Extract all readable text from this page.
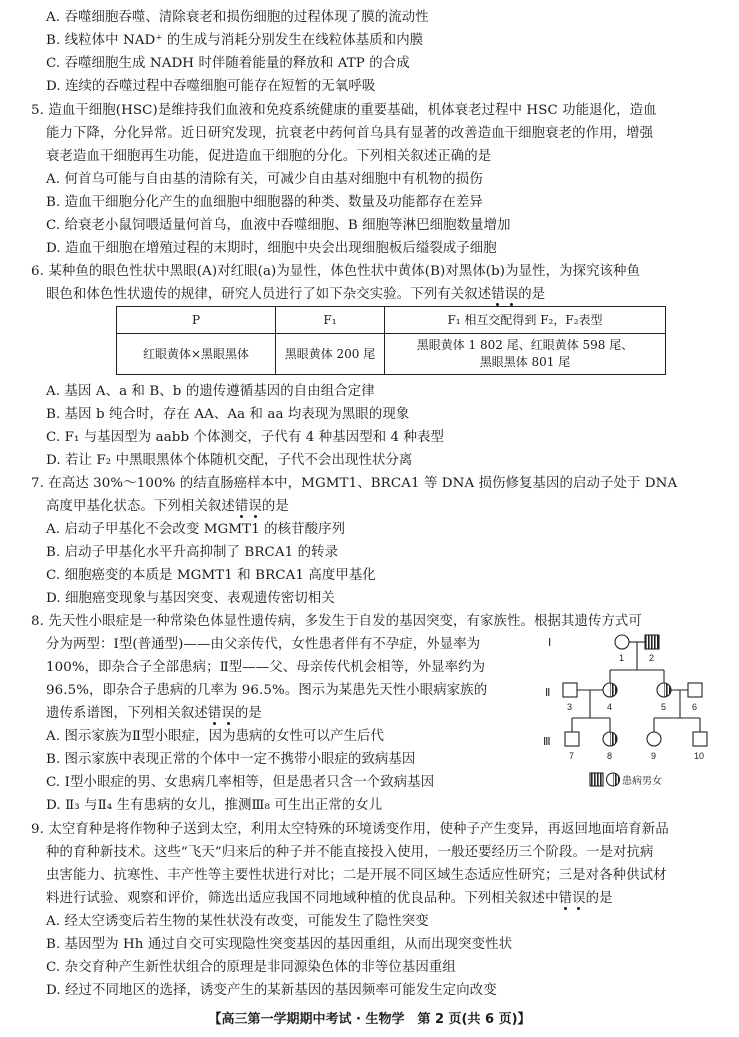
A. 吞噬细胞吞噬、清除衰老和损伤细胞的过程体现了膜的流动性
B. 线粒体中 NAD⁺ 的生成与消耗分别发生在线粒体基质和内膜
C. 吞噬细胞生成 NADH 时伴随着能量的释放和 ATP 的合成
D. 连续的吞噬过程中吞噬细胞可能存在短暂的无氧呼吸
5. 造血干细胞(HSC)是维持我们血液和免疫系统健康的重要基础，机体衰老过程中 HSC 功能退化，造血
能力下降，分化异常。近日研究发现，抗衰老中药何首乌具有显著的改善造血干细胞衰老的作用，增强
衰老造血干细胞再生功能，促进造血干细胞的分化。下列相关叙述正确的是
A. 何首乌可能与自由基的清除有关，可减少自由基对细胞中有机物的损伤
B. 造血干细胞分化产生的血细胞中细胞器的种类、数量及功能都存在差异
C. 给衰老小鼠饲喂适量何首乌，血液中吞噬细胞、B 细胞等淋巴细胞数量增加
D. 造血干细胞在增殖过程的末期时，细胞中央会出现细胞板后缢裂成子细胞
6. 某种鱼的眼色性状中黑眼(A)对红眼(a)为显性，体色性状中黄体(B)对黑体(b)为显性，为探究该种鱼
眼色和体色性状遗传的规律，研究人员进行了如下杂交实验。下列有关叙述错误的是
P	F₁	F₁ 相互交配得到 F₂，F₂表型
红眼黄体×黑眼黑体	黑眼黄体 200 尾	黑眼黄体 1 802 尾、红眼黄体 598 尾、
黑眼黑体 801 尾
A. 基因 A、a 和 B、b 的遗传遵循基因的自由组合定律
B. 基因 b 纯合时，存在 AA、Aa 和 aa 均表现为黑眼的现象
C. F₁ 与基因型为 aabb 个体测交，子代有 4 种基因型和 4 种表型
D. 若让 F₂ 中黑眼黑体个体随机交配，子代不会出现性状分离
7. 在高达 30%～100% 的结直肠癌样本中，MGMT1、BRCA1 等 DNA 损伤修复基因的启动子处于 DNA
高度甲基化状态。下列相关叙述错误的是
A. 启动子甲基化不会改变 MGMT1 的核苷酸序列
B. 启动子甲基化水平升高抑制了 BRCA1 的转录
C. 细胞癌变的本质是 MGMT1 和 BRCA1 高度甲基化
D. 细胞癌变现象与基因突变、表观遗传密切相关
8. 先天性小眼症是一种常染色体显性遗传病，多发生于自发的基因突变，有家族性。根据其遗传方式可
分为两型：Ⅰ型(普通型)——由父亲传代，女性患者伴有不孕症，外显率为
100%，即杂合子全部患病；Ⅱ型——父、母亲传代机会相等，外显率约为
96.5%，即杂合子患病的几率为 96.5%。图示为某患先天性小眼病家族的
遗传系谱图，下列相关叙述错误的是
A. 图示家族为Ⅱ型小眼症，因为患病的女性可以产生后代
B. 图示家族中表现正常的个体中一定不携带小眼症的致病基因
C. Ⅰ型小眼症的男、女患病几率相等，但是患者只含一个致病基因
D. Ⅱ₃ 与Ⅱ₄ 生有患病的女儿，推测Ⅲ₈ 可生出正常的女儿
Ⅰ
Ⅱ
Ⅲ
1	2
3	4	5	6
7	8	9	10
患病男女
9. 太空育种是将作物种子送到太空，利用太空特殊的环境诱变作用，使种子产生变异，再返回地面培育新品
种的育种新技术。这些“飞天”归来后的种子并不能直接投入使用，一般还要经历三个阶段。一是对抗病
虫害能力、抗寒性、丰产性等主要性状进行对比；二是开展不同区域生态适应性研究；三是对各种供试材
料进行试验、观察和评价，筛选出适应我国不同地域种植的优良品种。下列相关叙述中错误的是
A. 经太空诱变后若生物的某性状没有改变，可能发生了隐性突变
B. 基因型为 Hh 通过自交可实现隐性突变基因的基因重组，从而出现突变性状
C. 杂交育种产生新性状组合的原理是非同源染色体的非等位基因重组
D. 经过不同地区的选择，诱变产生的某新基因的基因频率可能发生定向改变
【高三第一学期期中考试 · 生物学　第 2 页(共 6 页)】
